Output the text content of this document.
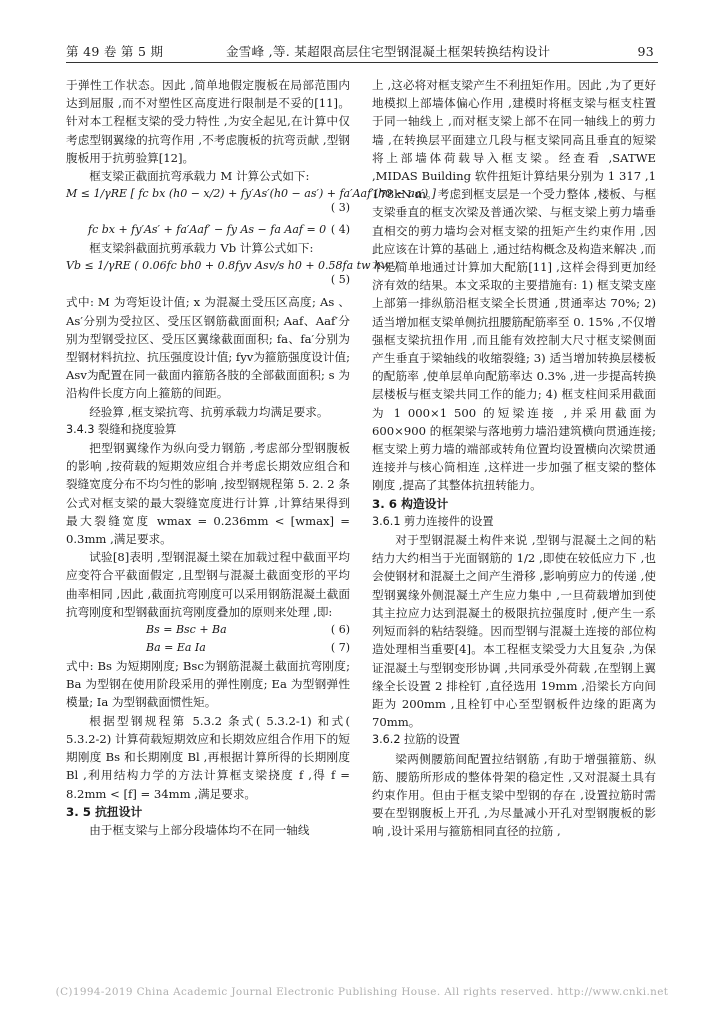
第 49 卷 第 5 期	金雪峰 ,等. 某超限高层住宅型钢混凝土框架转换结构设计	93

于弹性工作状态。因此 ,简单地假定腹板在局部范围内达到屈服 ,而不对塑性区高度进行限制是不妥的[11]。针对本工程框支梁的受力特性 ,为安全起见,在计算中仅考虑型钢翼缘的抗弯作用 ,不考虑腹板的抗弯贡献 ,型钢腹板用于抗剪验算[12]。

框支梁正截面抗弯承载力 M 计算公式如下:

M ≤ 1/γRE [ fc bx (h0 − x/2) + fy′As′(h0 − as′) + fa′Aaf′(h0 − aa′) ]
( 3)
fc bx + fy′As′ + fa′Aaf′ − fy As − fa Aaf = 0 ( 4)

框支梁斜截面抗剪承载力 Vb 计算公式如下:

Vb ≤ 1/γRE ( 0.06fc bh0 + 0.8fyv Asv/s h0 + 0.58fa tw hw )
( 5)

式中: M 为弯矩设计值; x 为混凝土受压区高度; As 、As′分别为受拉区、受压区钢筋截面面积; Aaf、Aaf′分别为型钢受拉区、受压区翼缘截面面积; fa、fa′分别为型钢材料抗拉、抗压强度设计值; fyv为箍筋强度设计值; Asv为配置在同一截面内箍筋各肢的全部截面面积; s 为沿构件长度方向上箍筋的间距。

经验算 ,框支梁抗弯、抗剪承载力均满足要求。

3.4.3 裂缝和挠度验算

把型钢翼缘作为纵向受力钢筋 ,考虑部分型钢腹板的影响 ,按荷载的短期效应组合并考虑长期效应组合和裂缝宽度分布不均匀性的影响 ,按型钢规程第 5. 2. 2 条公式对框支梁的最大裂缝宽度进行计算 ,计算结果得到最大裂缝宽度 wmax = 0.236mm < [wmax] = 0.3mm ,满足要求。

试验[8]表明 ,型钢混凝土梁在加载过程中截面平均应变符合平截面假定 ,且型钢与混凝土截面变形的平均曲率相同 ,因此 ,截面抗弯刚度可以采用钢筋混凝土截面抗弯刚度和型钢截面抗弯刚度叠加的原则来处理 ,即:

Bs = Bsc + Ba	( 6)
Ba = Ea Ia	( 7)

式中: Bs 为短期刚度; Bsc为钢筋混凝土截面抗弯刚度; Ba 为型钢在使用阶段采用的弹性刚度; Ea 为型钢弹性模量; Ia 为型钢截面惯性矩。

根据型钢规程第 5.3.2 条式( 5.3.2-1) 和式( 5.3.2-2) 计算荷载短期效应和长期效应组合作用下的短期刚度 Bs 和长期刚度 Bl ,再根据计算所得的长期刚度 Bl ,利用结构力学的方法计算框支梁挠度 f ,得 f = 8.2mm < [f] = 34mm ,满足要求。

3. 5 抗扭设计

由于框支梁与上部分段墙体均不在同一轴线

上 ,这必将对框支梁产生不利扭矩作用。因此 ,为了更好地模拟上部墙体偏心作用 ,建模时将框支梁与框支柱置于同一轴线上 ,而对框支梁上部不在同一轴线上的剪力墙 ,在转换层平面建立几段与框支梁同高且垂直的短梁将上部墙体荷载导入框支梁。经查看 ,SATWE ,MIDAS Building 软件扭矩计算结果分别为 1 317 ,1 178kN·m。考虑到框支层是一个受力整体 ,楼板、与框支梁垂直的框支次梁及普通次梁、与框支梁上剪力墙垂直相交的剪力墙均会对框支梁的扭矩产生约束作用 ,因此应该在计算的基础上 ,通过结构概念及构造来解决 ,而不是简单地通过计算加大配筋[11] ,这样会得到更加经济有效的结果。本文采取的主要措施有: 1) 框支梁支座上部第一排纵筋沿框支梁全长贯通 ,贯通率达 70%; 2) 适当增加框支梁单侧抗扭腰筋配筋率至 0. 15% ,不仅增强框支梁抗扭作用 ,而且能有效控制大尺寸框支梁侧面产生垂直于梁轴线的收缩裂缝; 3) 适当增加转换层楼板的配筋率 ,使单层单向配筋率达 0.3% ,进一步提高转换层楼板与框支梁共同工作的能力; 4) 框支柱间采用截面为 1 000×1 500 的短梁连接 ,并采用截面为 600×900 的框架梁与落地剪力墙沿建筑横向贯通连接; 框支梁上剪力墙的端部或转角位置均设置横向次梁贯通连接并与核心筒相连 ,这样进一步加强了框支梁的整体刚度 ,提高了其整体抗扭转能力。

3. 6 构造设计
3.6.1 剪力连接件的设置

对于型钢混凝土构件来说 ,型钢与混凝土之间的粘结力大约相当于光面钢筋的 1/2 ,即使在较低应力下 ,也会使钢材和混凝土之间产生滑移 ,影响剪应力的传递 ,使型钢翼缘外侧混凝土产生应力集中 ,一旦荷载增加到使其主拉应力达到混凝土的极限抗拉强度时 ,便产生一系列短而斜的粘结裂缝。因而型钢与混凝土连接的部位构造处理相当重要[4]。本工程框支梁受力大且复杂 ,为保证混凝土与型钢变形协调 ,共同承受外荷载 ,在型钢上翼缘全长设置 2 排栓钉 ,直径选用 19mm ,沿梁长方向间距为 200mm ,且栓钉中心至型钢板件边缘的距离为 70mm。

3.6.2 拉筋的设置

梁两侧腰筋间配置拉结钢筋 ,有助于增强箍筋、纵筋、腰筋所形成的整体骨架的稳定性 ,又对混凝土具有约束作用。但由于框支梁中型钢的存在 ,设置拉筋时需要在型钢腹板上开孔 ,为尽量减小开孔对型钢腹板的影响 ,设计采用与箍筋相同直径的拉筋 ,

(C)1994-2019 China Academic Journal Electronic Publishing House. All rights reserved. http://www.cnki.net
